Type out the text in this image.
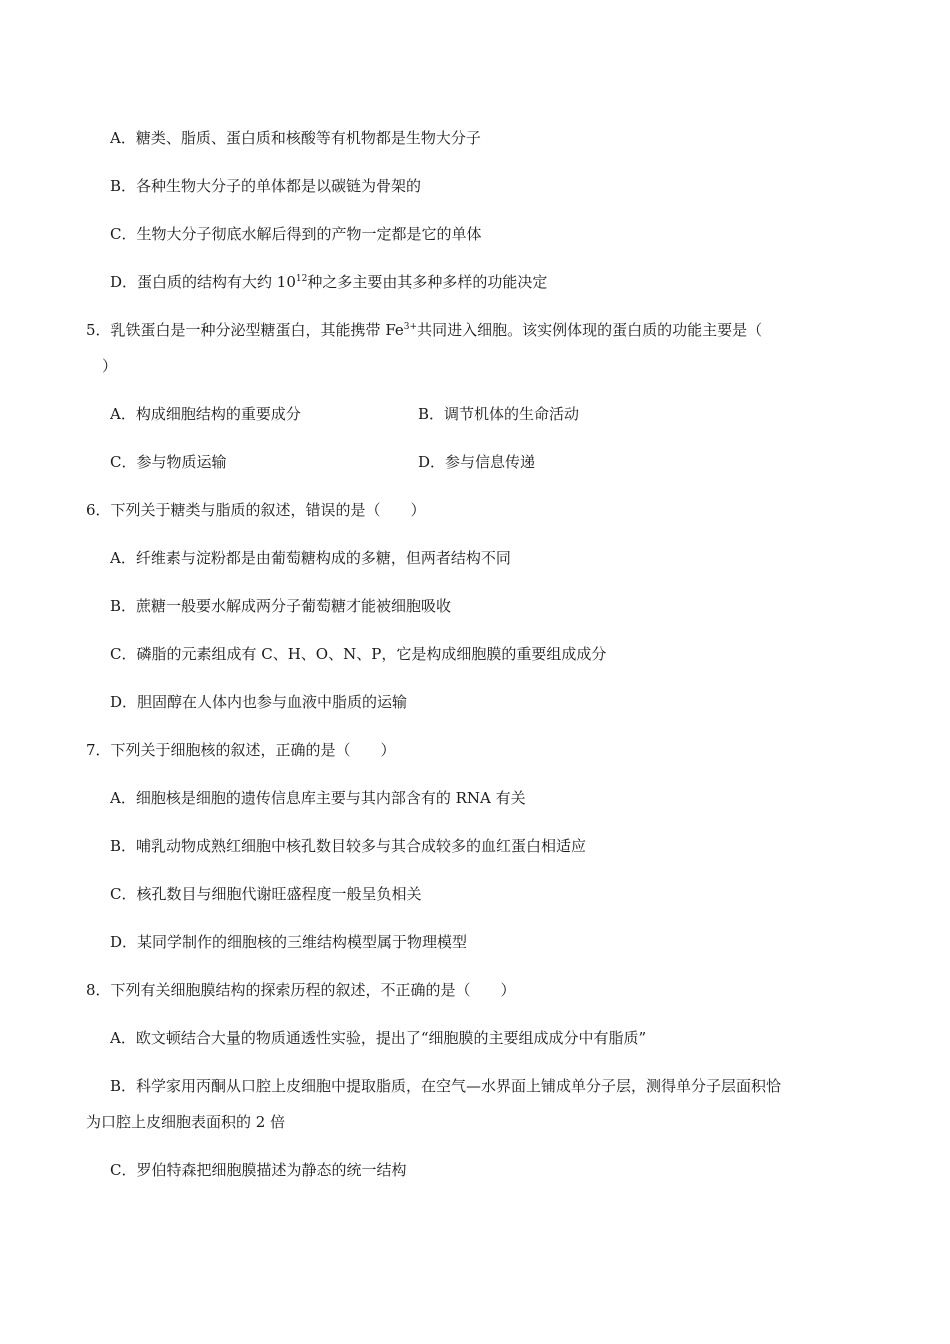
A．糖类、脂质、蛋白质和核酸等有机物都是生物大分子
B．各种生物大分子的单体都是以碳链为骨架的
C．生物大分子彻底水解后得到的产物一定都是它的单体
D．蛋白质的结构有大约 $10^{12}$种之多主要由其多种多样的功能决定
5．乳铁蛋白是一种分泌型糖蛋白，其能携带 $Fe^{3+}$共同进入细胞。该实例体现的蛋白质的功能主要是（
）
A．构成细胞结构的重要成分	B．调节机体的生命活动
C．参与物质运输	D．参与信息传递
6．下列关于糖类与脂质的叙述，错误的是（　　）
A．纤维素与淀粉都是由葡萄糖构成的多糖，但两者结构不同
B．蔗糖一般要水解成两分子葡萄糖才能被细胞吸收
C．磷脂的元素组成有 C、H、O、N、P，它是构成细胞膜的重要组成成分
D．胆固醇在人体内也参与血液中脂质的运输
7．下列关于细胞核的叙述，正确的是（　　）
A．细胞核是细胞的遗传信息库主要与其内部含有的 RNA 有关
B．哺乳动物成熟红细胞中核孔数目较多与其合成较多的血红蛋白相适应
C．核孔数目与细胞代谢旺盛程度一般呈负相关
D．某同学制作的细胞核的三维结构模型属于物理模型
8．下列有关细胞膜结构的探索历程的叙述，不正确的是（　　）
A．欧文顿结合大量的物质通透性实验，提出了“细胞膜的主要组成成分中有脂质”
B．科学家用丙酮从口腔上皮细胞中提取脂质，在空气—水界面上铺成单分子层，测得单分子层面积恰
为口腔上皮细胞表面积的 2 倍
C．罗伯特森把细胞膜描述为静态的统一结构
